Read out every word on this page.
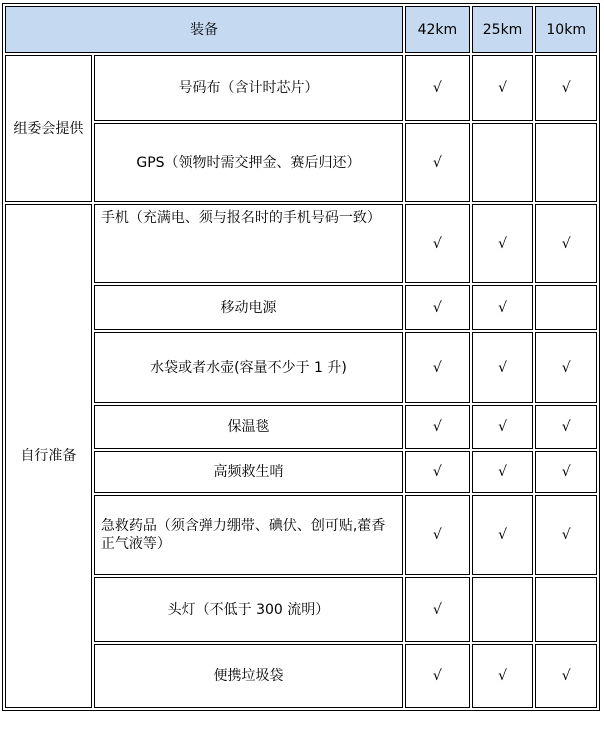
装备		42km	25km	10km
组委会提供	号码布（含计时芯片）	√	√	√
	GPS（领物时需交押金、赛后归还）	√		
自行准备	手机（充满电、须与报名时的手机号码一致）	√	√	√
	移动电源	√	√	
	水袋或者水壶(容量不少于 1 升)	√	√	√
	保温毯	√	√	√
	高频救生哨	√	√	√
	急救药品（须含弹力绷带、碘伏、创可贴,藿香正气液等）	√	√	√
	头灯（不低于 300 流明）	√		
	便携垃圾袋	√	√	√
